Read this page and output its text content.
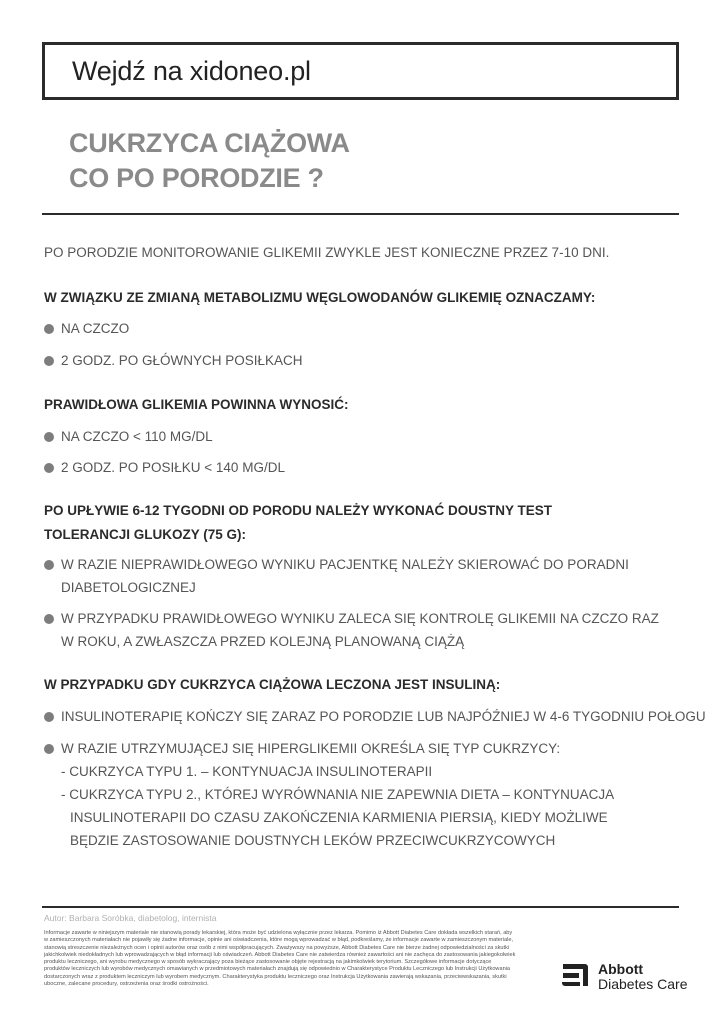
Wejdź na xidoneo.pl
CUKRZYCA CIĄŻOWA
CO PO PORODZIE ?
PO PORODZIE MONITOROWANIE GLIKEMII ZWYKLE JEST KONIECZNE PRZEZ 7-10 DNI.
W ZWIĄZKU ZE ZMIANĄ METABOLIZMU WĘGLOWODANÓW GLIKEMIĘ OZNACZAMY:
NA CZCZO
2 GODZ. PO GŁÓWNYCH POSIŁKACH
PRAWIDŁOWA GLIKEMIA POWINNA WYNOSIĆ:
NA CZCZO < 110 MG/DL
2 GODZ. PO POSIŁKU < 140 MG/DL
PO UPŁYWIE 6-12 TYGODNI OD PORODU NALEŻY WYKONAĆ DOUSTNY TEST
TOLERANCJI GLUKOZY (75 G):
W RAZIE NIEPRAWIDŁOWEGO WYNIKU PACJENTKĘ NALEŻY SKIEROWAĆ DO PORADNI
DIABETOLOGICZNEJ
W PRZYPADKU PRAWIDŁOWEGO WYNIKU ZALECA SIĘ KONTROLĘ GLIKEMII NA CZCZO RAZ
W ROKU, A ZWŁASZCZA PRZED KOLEJNĄ PLANOWANĄ CIĄŻĄ
W PRZYPADKU GDY CUKRZYCA CIĄŻOWA LECZONA JEST INSULINĄ:
INSULINOTERAPIĘ KOŃCZY SIĘ ZARAZ PO PORODZIE LUB NAJPÓŹNIEJ W 4-6 TYGODNIU POŁOGU
W RAZIE UTRZYMUJĄCEJ SIĘ HIPERGLIKEMII OKREŚLA SIĘ TYP CUKRZYCY:
- CUKRZYCA TYPU 1. – KONTYNUACJA INSULINOTERAPII
- CUKRZYCA TYPU 2., KTÓREJ WYRÓWNANIA NIE ZAPEWNIA DIETA – KONTYNUACJA
INSULINOTERAPII DO CZASU ZAKOŃCZENIA KARMIENIA PIERSIĄ, KIEDY MOŻLIWE
BĘDZIE ZASTOSOWANIE DOUSTNYCH LEKÓW PRZECIWCUKRZYCOWYCH
Autor: Barbara Soróbka, diabetolog, internista
Informacje zawarte w niniejszym materiale nie stanowią porady lekarskiej, która może być udzielona wyłącznie przez lekarza. Pomimo iż Abbott Diabetes Care dokłada wszelkich starań, aby w zamieszczonych materiałach nie pojawiły się żadne informacje, opinie ani oświadczenia, które mogą wprowadzać w błąd, podkreślamy, że informacje zawarte w zamieszczonym materiale, stanowią streszczenie niezależnych ocen i opinii autorów oraz osób z nimi współpracujących. Zważywszy na powyższe, Abbott Diabetes Care nie bierze żadnej odpowiedzialności za skutki jakichkolwiek niedokładnych lub wprowadzających w błąd informacji lub oświadczeń. Abbott Diabetes Care nie zatwierdza również zawartości ani nie zachęca do zastosowania jakiegokolwiek produktu leczniczego, ani wyrobu medycznego w sposób wykraczający poza bieżące zastosowanie objęte rejestracją na jakimkolwiek terytorium. Szczegółowe informacje dotyczące produktów leczniczych lub wyrobów medycznych omawianych w przedmiotowych materiałach znajdują się odpowiednio w Charakterystyce Produktu Leczniczego lub Instrukcji Użytkowania dostarczonych wraz z produktem leczniczym lub wyrobem medycznym. Charakterystyka produktu leczniczego oraz Instrukcja Użytkowania zawierają wskazania, przeciwwskazania, skutki uboczne, zalecane procedury, ostrzeżenia oraz środki ostrożności.
Abbott
Diabetes Care
